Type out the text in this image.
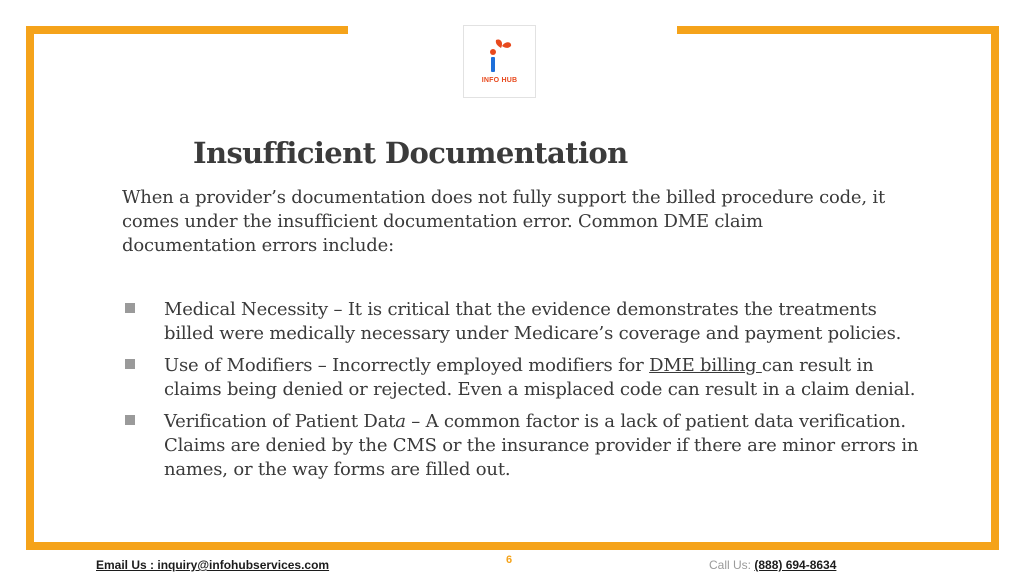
INFO HUB
Insufficient Documentation

When a provider’s documentation does not fully support the billed procedure code, it comes under the insufficient documentation error. Common DME claim documentation errors include:

Medical Necessity – It is critical that the evidence demonstrates the treatments billed were medically necessary under Medicare’s coverage and payment policies.
Use of Modifiers – Incorrectly employed modifiers for DME billing can result in claims being denied or rejected. Even a misplaced code can result in a claim denial.
Verification of Patient Data – A common factor is a lack of patient data verification. Claims are denied by the CMS or the insurance provider if there are minor errors in names, or the way forms are filled out.
Email Us : inquiry@infohubservices.com	6	Call Us: (888) 694-8634
